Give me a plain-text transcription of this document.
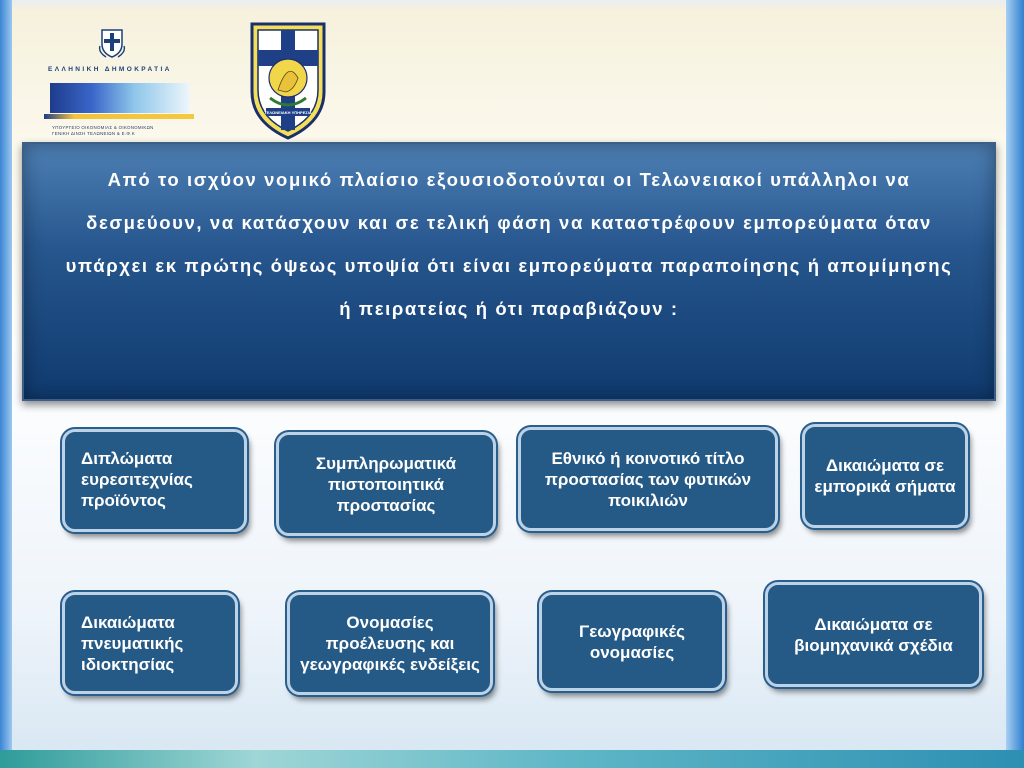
ΕΛΛΗΝΙΚΗ ΔΗΜΟΚΡΑΤΙΑ
ΥΠΟΥΡΓΕΙΟ ΟΙΚΟΝΟΜΙΑΣ & ΟΙΚΟΝΟΜΙΚΩΝ
ΓΕΝΙΚΗ ΔΙΝΣΗ ΤΕΛΩΝΕΙΩΝ & Ε.Φ.Κ
ΤΕΛΩΝΕΙΑΚΗ ΥΠΗΡΕΣΙΑ
Από το ισχύον νομικό πλαίσιο εξουσιοδοτούνται οι Τελωνειακοί υπάλληλοι να δεσμεύουν, να κατάσχουν και σε τελική φάση να καταστρέφουν εμπορεύματα όταν υπάρχει εκ πρώτης όψεως υποψία ότι είναι εμπορεύματα παραποίησης ή απομίμησης ή πειρατείας ή ότι παραβιάζουν :
Διπλώματα ευρεσιτεχνίας προϊόντος
Συμπληρωματικά πιστοποιητικά προστασίας
Εθνικό ή κοινοτικό τίτλο προστασίας των φυτικών ποικιλιών
Δικαιώματα σε εμπορικά σήματα
Δικαιώματα πνευματικής ιδιοκτησίας
Ονομασίες προέλευσης και γεωγραφικές ενδείξεις
Γεωγραφικές ονομασίες
Δικαιώματα σε βιομηχανικά σχέδια
